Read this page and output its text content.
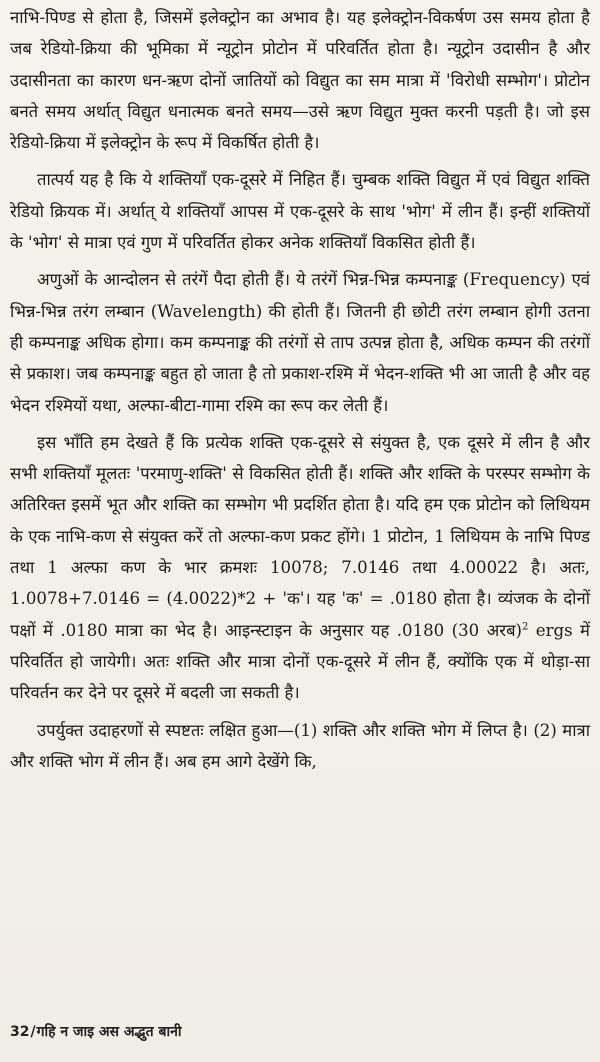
नाभि-पिण्ड से होता है, जिसमें इलेक्ट्रोन का अभाव है। यह इलेक्ट्रोन-विकर्षण उस समय होता है जब रेडियो-क्रिया की भूमिका में न्यूट्रोन प्रोटोन में परिवर्तित होता है। न्यूट्रोन उदासीन है और उदासीनता का कारण धन-ऋण दोनों जातियों को विद्युत का सम मात्रा में 'विरोधी सम्भोग'। प्रोटोन बनते समय अर्थात् विद्युत धनात्मक बनते समय—उसे ऋण विद्युत मुक्त करनी पड़ती है। जो इस रेडियो-क्रिया में इलेक्ट्रोन के रूप में विकर्षित होती है।

तात्पर्य यह है कि ये शक्तियाँ एक-दूसरे में निहित हैं। चुम्बक शक्ति विद्युत में एवं विद्युत शक्ति रेडियो क्रियक में। अर्थात् ये शक्तियाँ आपस में एक-दूसरे के साथ 'भोग' में लीन हैं। इन्हीं शक्तियों के 'भोग' से मात्रा एवं गुण में परिवर्तित होकर अनेक शक्तियाँ विकसित होती हैं।

अणुओं के आन्दोलन से तरंगें पैदा होती हैं। ये तरंगें भिन्न-भिन्न कम्पनाङ्क (Frequency) एवं भिन्न-भिन्न तरंग लम्बान (Wavelength) की होती हैं। जितनी ही छोटी तरंग लम्बान होगी उतना ही कम्पनाङ्क अधिक होगा। कम कम्पनाङ्क की तरंगों से ताप उत्पन्न होता है, अधिक कम्पन की तरंगों से प्रकाश। जब कम्पनाङ्क बहुत हो जाता है तो प्रकाश-रश्मि में भेदन-शक्ति भी आ जाती है और वह भेदन रश्मियों यथा, अल्फा-बीटा-गामा रश्मि का रूप कर लेती हैं।

इस भाँति हम देखते हैं कि प्रत्येक शक्ति एक-दूसरे से संयुक्त है, एक दूसरे में लीन है और सभी शक्तियाँ मूलतः 'परमाणु-शक्ति' से विकसित होती हैं। शक्ति और शक्ति के परस्पर सम्भोग के अतिरिक्त इसमें भूत और शक्ति का सम्भोग भी प्रदर्शित होता है। यदि हम एक प्रोटोन को लिथियम के एक नाभि-कण से संयुक्त करें तो अल्फा-कण प्रकट होंगे। 1 प्रोटोन, 1 लिथियम के नाभि पिण्ड तथा 1 अल्फा कण के भार क्रमशः 10078; 7.0146 तथा 4.00022 है। अतः, 1.0078+7.0146 = (4.0022)*2 + 'क'। यह 'क' = .0180 होता है। व्यंजक के दोनों पक्षों में .0180 मात्रा का भेद है। आइन्स्टाइन के अनुसार यह .0180 (30 अरब)$^2$ ergs में परिवर्तित हो जायेगी। अतः शक्ति और मात्रा दोनों एक-दूसरे में लीन हैं, क्योंकि एक में थोड़ा-सा परिवर्तन कर देने पर दूसरे में बदली जा सकती है।

उपर्युक्त उदाहरणों से स्पष्टतः लक्षित हुआ—(1) शक्ति और शक्ति भोग में लिप्त है। (2) मात्रा और शक्ति भोग में लीन हैं। अब हम आगे देखेंगे कि,

32/गहि न जाइ अस अद्भुत बानी
